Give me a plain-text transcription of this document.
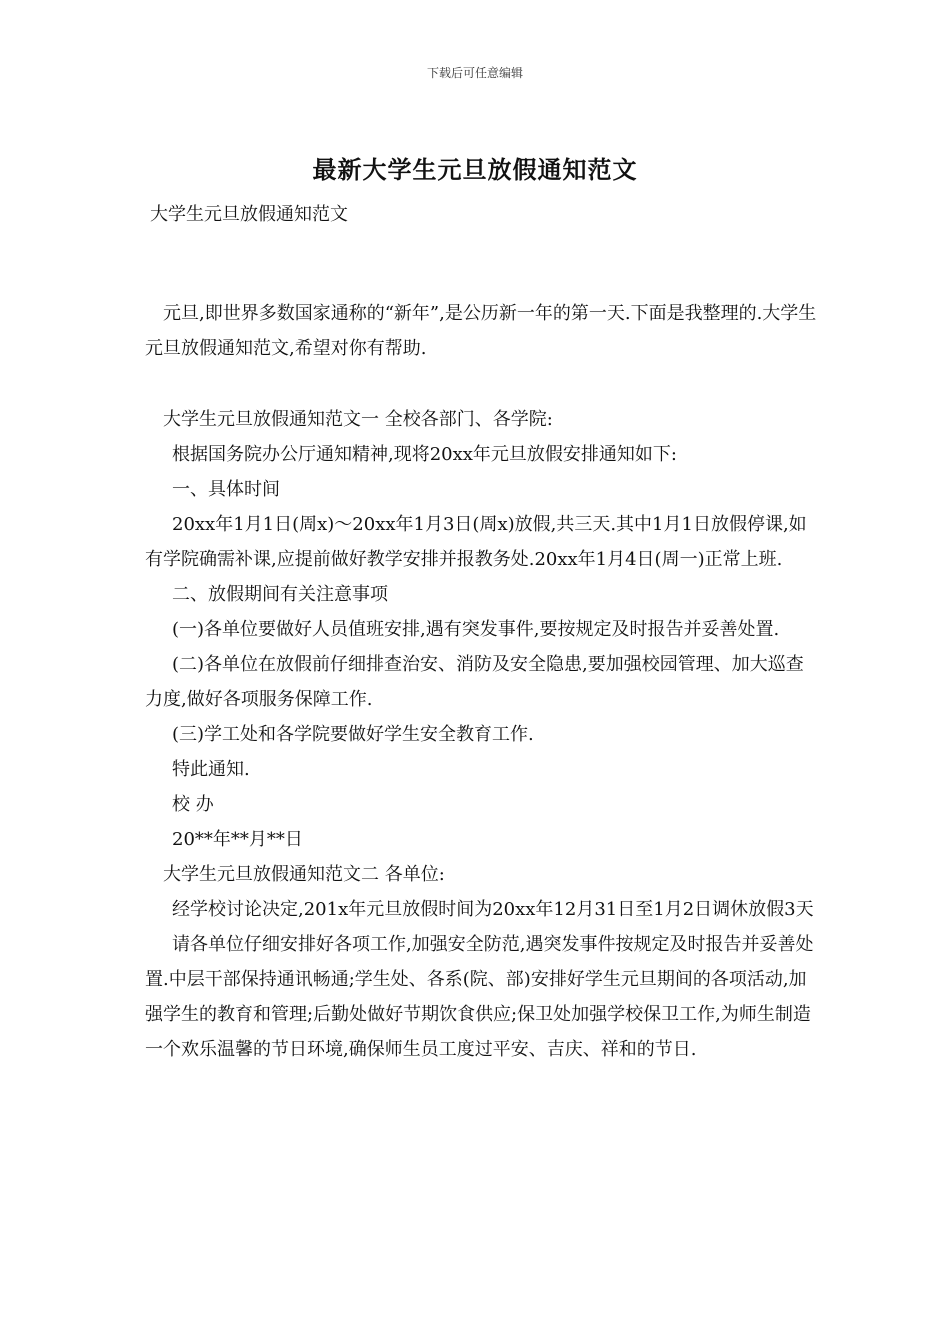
下载后可任意编辑
最新大学生元旦放假通知范文
大学生元旦放假通知范文

元旦,即世界多数国家通称的“新年”,是公历新一年的第一天.下面是我整理的.大学生元旦放假通知范文,希望对你有帮助.

大学生元旦放假通知范文一 全校各部门、各学院:

根据国务院办公厅通知精神,现将20xx年元旦放假安排通知如下:

一、具体时间

20xx年1月1日(周x)～20xx年1月3日(周x)放假,共三天.其中1月1日放假停课,如有学院确需补课,应提前做好教学安排并报教务处.20xx年1月4日(周一)正常上班.

二、放假期间有关注意事项

(一)各单位要做好人员值班安排,遇有突发事件,要按规定及时报告并妥善处置.

(二)各单位在放假前仔细排查治安、消防及安全隐患,要加强校园管理、加大巡查力度,做好各项服务保障工作.

(三)学工处和各学院要做好学生安全教育工作.

特此通知.

校 办

20**年**月**日

大学生元旦放假通知范文二 各单位:

经学校讨论决定,201x年元旦放假时间为20xx年12月31日至1月2日调休放假3天

请各单位仔细安排好各项工作,加强安全防范,遇突发事件按规定及时报告并妥善处置.中层干部保持通讯畅通;学生处、各系(院、部)安排好学生元旦期间的各项活动,加强学生的教育和管理;后勤处做好节期饮食供应;保卫处加强学校保卫工作,为师生制造一个欢乐温馨的节日环境,确保师生员工度过平安、吉庆、祥和的节日.
